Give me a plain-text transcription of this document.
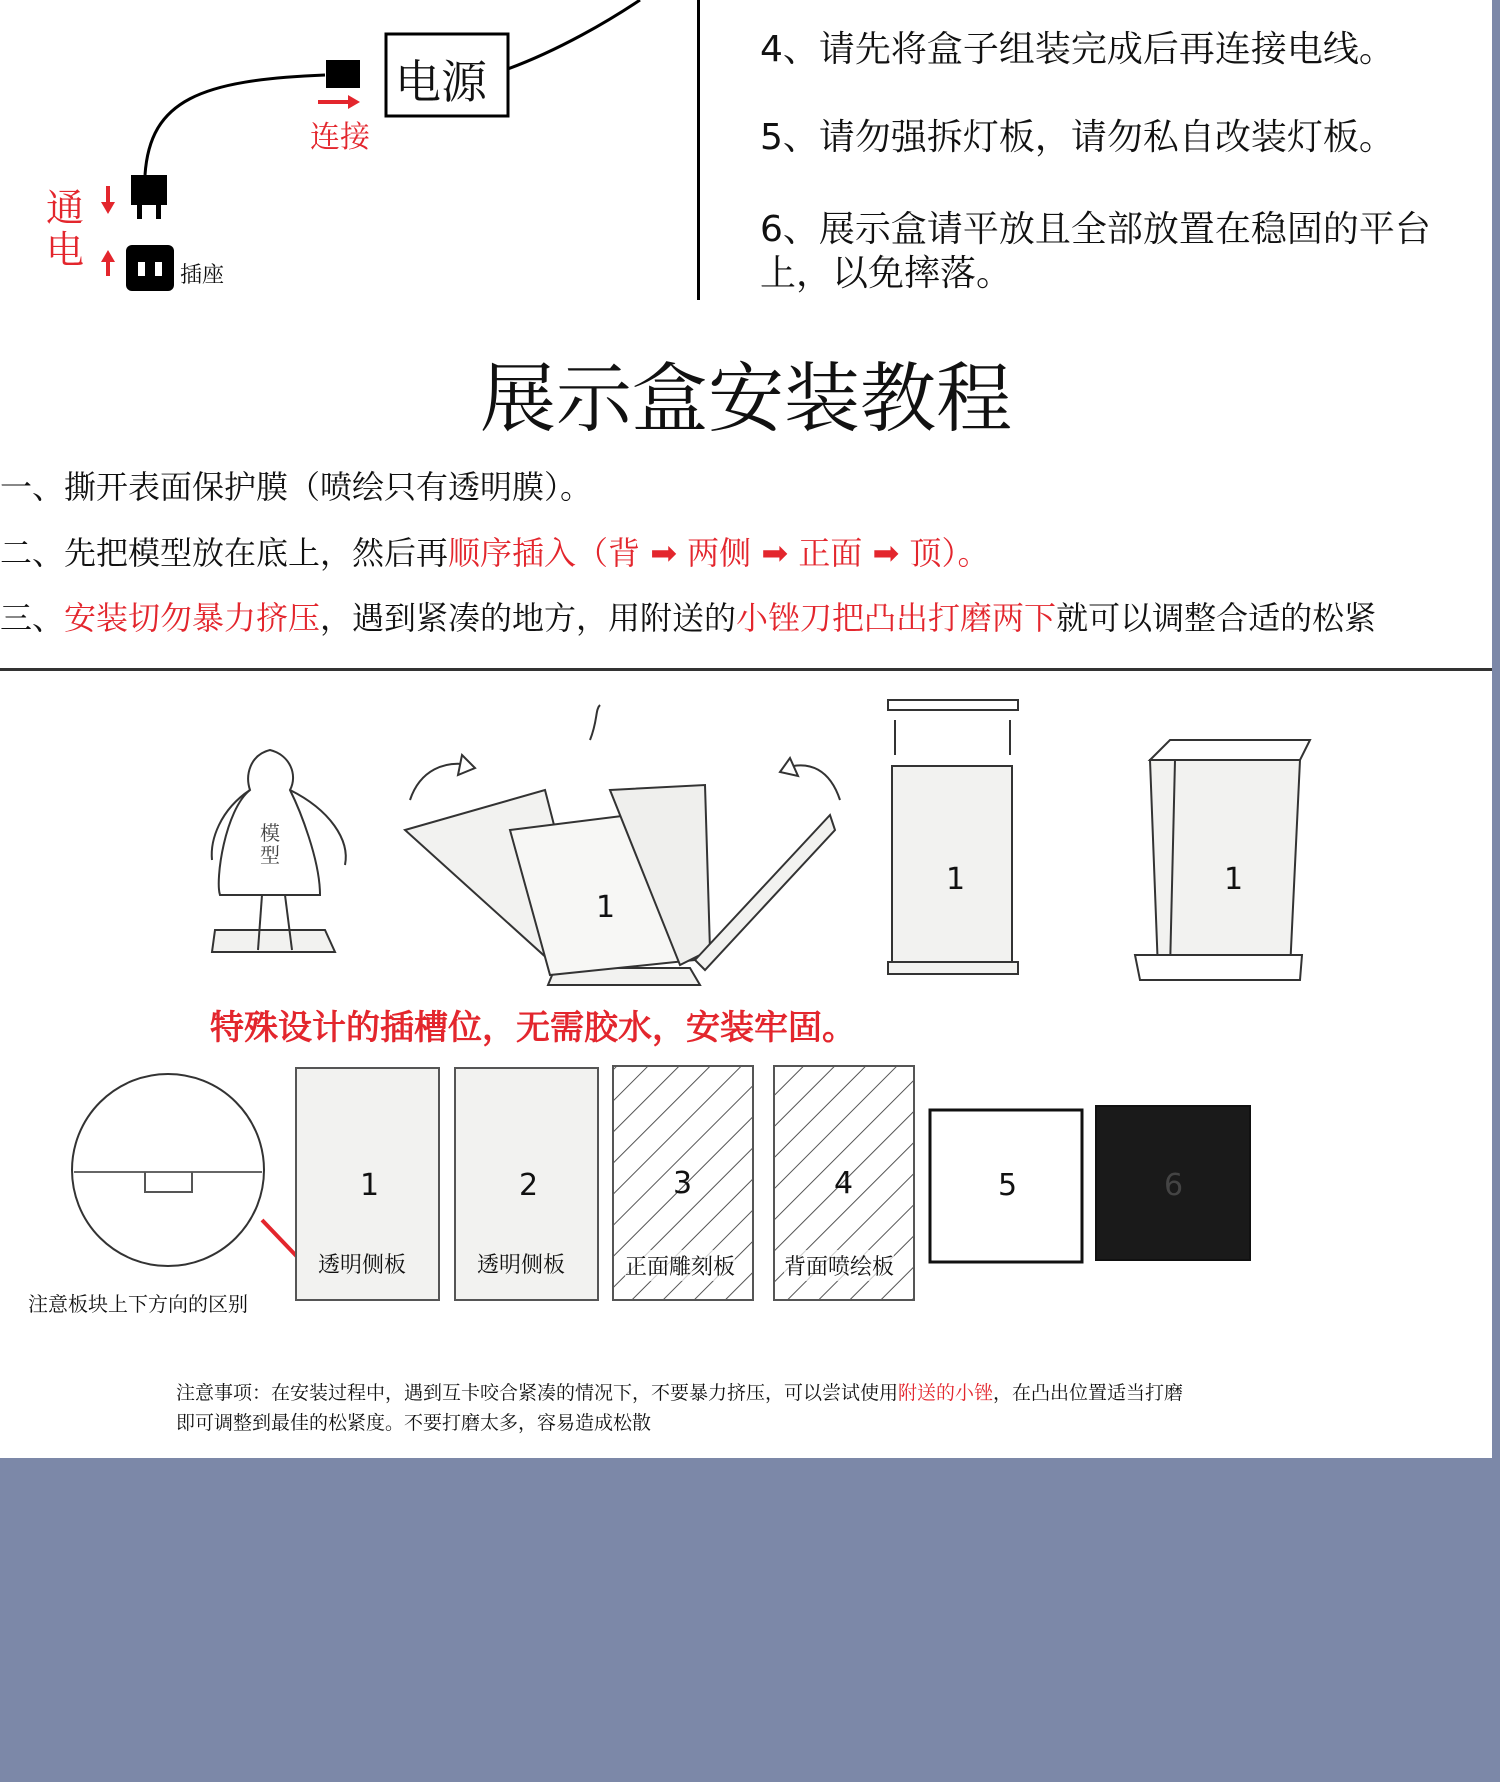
电源
连接
通
电
插座
4、请先将盒子组装完成后再连接电线。
5、请勿强拆灯板，请勿私自改装灯板。
6、展示盒请平放且全部放置在稳固的平台上，以免摔落。
展示盒安装教程
一、撕开表面保护膜（喷绘只有透明膜）。
二、先把模型放在底上，然后再顺序插入（背 ➡ 两侧 ➡ 正面 ➡ 顶）。
三、安装切勿暴力挤压，遇到紧凑的地方，用附送的小锉刀把凸出打磨两下就可以调整合适的松紧
模型
1
1	1
特殊设计的插槽位，无需胶水，安装牢固。
1
透明侧板
2
透明侧板
3
正面雕刻板
4
背面喷绘板
5	6
注意板块上下方向的区别
注意事项：在安装过程中，遇到互卡咬合紧凑的情况下，不要暴力挤压，可以尝试使用附送的小锉，在凸出位置适当打磨
即可调整到最佳的松紧度。不要打磨太多，容易造成松散
